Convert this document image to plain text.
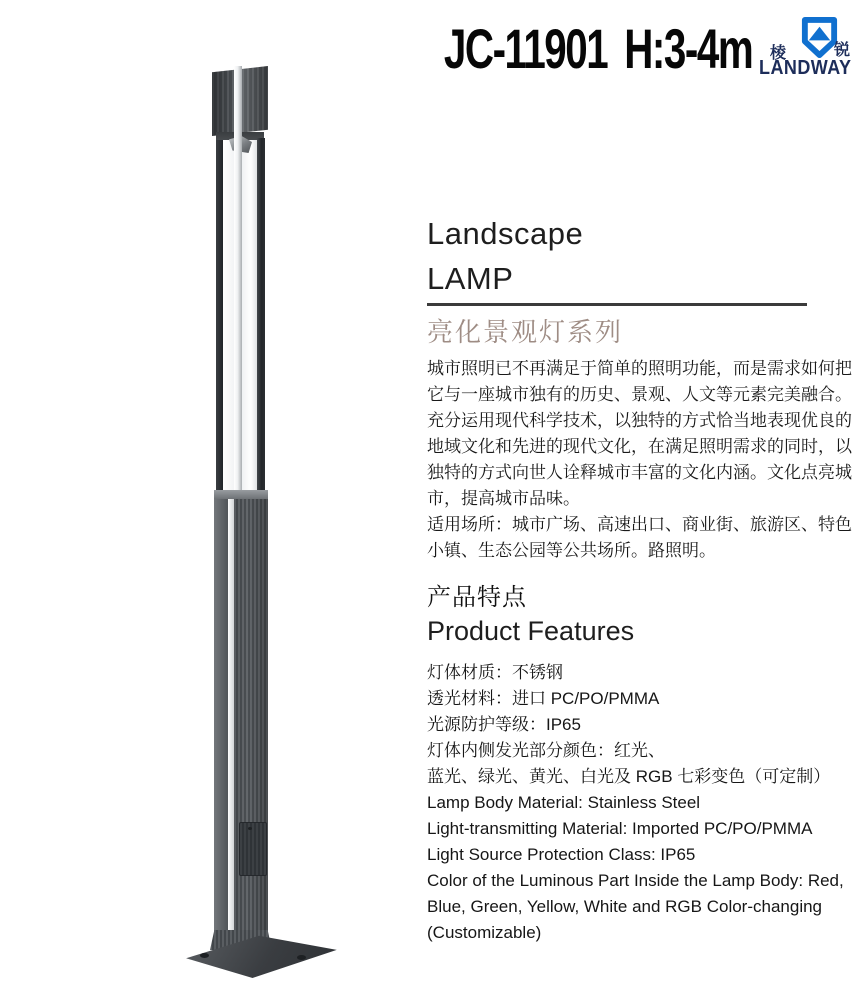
JC-11901 H:3-4m 棱	锐
LANDWAY
Landscape
LAMP
亮化景观灯系列
城市照明已不再满足于简单的照明功能，而是需求如何把
它与一座城市独有的历史、景观、人文等元素完美融合。
充分运用现代科学技术，以独特的方式恰当地表现优良的
地域文化和先进的现代文化，在满足照明需求的同时，以
独特的方式向世人诠释城市丰富的文化内涵。文化点亮城
市，提高城市品味。
适用场所：城市广场、高速出口、商业街、旅游区、特色
小镇、生态公园等公共场所。路照明。
产品特点
Product Features
灯体材质：不锈钢
透光材料：进口 PC/PO/PMMA
光源防护等级：IP65
灯体内侧发光部分颜色：红光、
蓝光、绿光、黄光、白光及 RGB 七彩变色（可定制）
Lamp Body Material: Stainless Steel
Light-transmitting Material: Imported PC/PO/PMMA
Light Source Protection Class: IP65
Color of the Luminous Part Inside the Lamp Body: Red,
Blue, Green, Yellow, White and RGB Color-changing
(Customizable)
